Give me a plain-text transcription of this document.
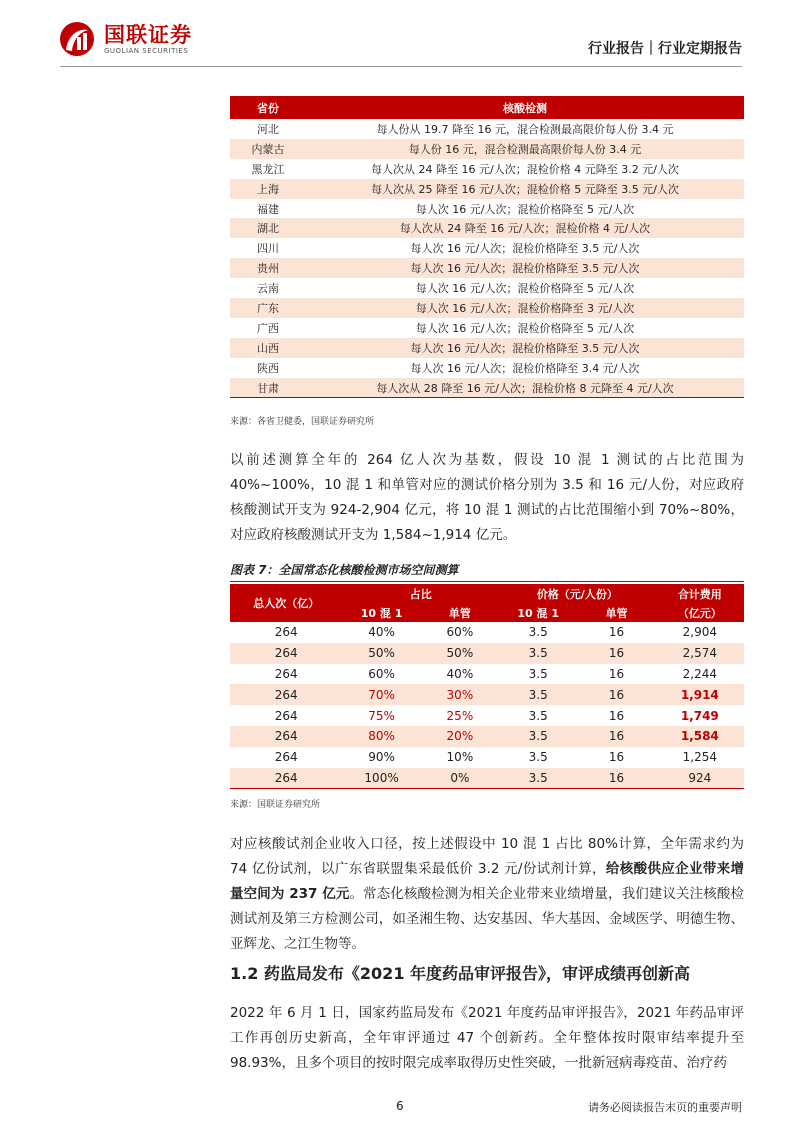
国联证券
GUOLIAN SECURITIES	行业报告｜行业定期报告
省份	核酸检测
河北	每人份从 19.7 降至 16 元，混合检测最高限价每人份 3.4 元
内蒙古	每人份 16 元，混合检测最高限价每人份 3.4 元
黑龙江	每人次从 24 降至 16 元/人次；混检价格 4 元降至 3.2 元/人次
上海	每人次从 25 降至 16 元/人次；混检价格 5 元降至 3.5 元/人次
福建	每人次 16 元/人次；混检价格降至 5 元/人次
湖北	每人次从 24 降至 16 元/人次；混检价格 4 元/人次
四川	每人次 16 元/人次；混检价格降至 3.5 元/人次
贵州	每人次 16 元/人次；混检价格降至 3.5 元/人次
云南	每人次 16 元/人次；混检价格降至 5 元/人次
广东	每人次 16 元/人次；混检价格降至 3 元/人次
广西	每人次 16 元/人次；混检价格降至 5 元/人次
山西	每人次 16 元/人次；混检价格降至 3.5 元/人次
陕西	每人次 16 元/人次；混检价格降至 3.4 元/人次
甘肃	每人次从 28 降至 16 元/人次；混检价格 8 元降至 4 元/人次
来源：各省卫健委，国联证券研究所
以前述测算全年的 264 亿人次为基数，假设 10 混 1 测试的占比范围为 40%~100%，10 混 1 和单管对应的测试价格分别为 3.5 和 16 元/人份，对应政府核酸测试开支为 924-2,904 亿元，将 10 混 1 测试的占比范围缩小到 70%~80%，对应政府核酸测试开支为 1,584~1,914 亿元。
图表 7：全国常态化核酸检测市场空间测算
总人次（亿）	占比		价格（元/人份）		合计费用
	10 混 1	单管	10 混 1	单管	（亿元）
264	40%	60%	3.5	16	2,904
264	50%	50%	3.5	16	2,574
264	60%	40%	3.5	16	2,244
264	70%	30%	3.5	16	1,914
264	75%	25%	3.5	16	1,749
264	80%	20%	3.5	16	1,584
264	90%	10%	3.5	16	1,254
264	100%	0%	3.5	16	924
来源：国联证券研究所
对应核酸试剂企业收入口径，按上述假设中 10 混 1 占比 80%计算，全年需求约为 74 亿份试剂，以广东省联盟集采最低价 3.2 元/份试剂计算，给核酸供应企业带来增量空间为 237 亿元。常态化核酸检测为相关企业带来业绩增量，我们建议关注核酸检测试剂及第三方检测公司，如圣湘生物、达安基因、华大基因、金域医学、明德生物、亚辉龙、之江生物等。
1.2 药监局发布《2021 年度药品审评报告》，审评成绩再创新高
2022 年 6 月 1 日，国家药监局发布《2021 年度药品审评报告》，2021 年药品审评工作再创历史新高，全年审评通过 47 个创新药。全年整体按时限审结率提升至 98.93%，且多个项目的按时限完成率取得历史性突破，一批新冠病毒疫苗、治疗药
6	请务必阅读报告末页的重要声明
